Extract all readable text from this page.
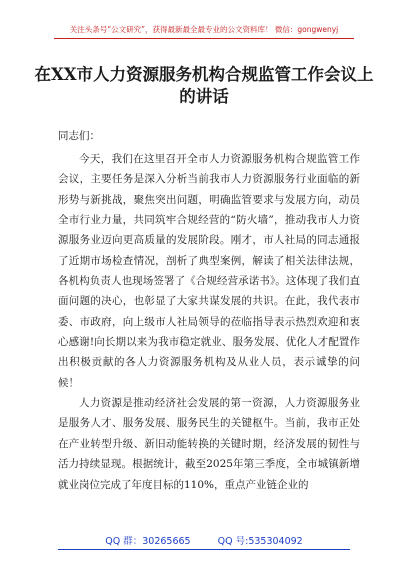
关注头条号“公文研究”，获得最新最全最专业的公文资料库！ 微信：gongwenyj
在XX市人力资源服务机构合规监管工作会议上的讲话
同志们：

今天，我们在这里召开全市人力资源服务机构合规监管工作会议，主要任务是深入分析当前我市人力资源服务行业面临的新形势与新挑战，聚焦突出问题，明确监管要求与发展方向，动员全市行业力量，共同筑牢合规经营的“防火墙”，推动我市人力资源服务业迈向更高质量的发展阶段。刚才，市人社局的同志通报了近期市场检查情况，剖析了典型案例，解读了相关法律法规，各机构负责人也现场签署了《合规经营承诺书》。这体现了我们直面问题的决心，也彰显了大家共谋发展的共识。在此，我代表市委、市政府，向上级市人社局领导的莅临指导表示热烈欢迎和衷心感谢!向长期以来为我市稳定就业、服务发展、优化人才配置作出积极贡献的各人力资源服务机构及从业人员，表示诚挚的问候！

人力资源是推动经济社会发展的第一资源，人力资源服务业是服务人才、服务发展、服务民生的关键枢牛。当前，我市正处在产业转型升级、新旧动能转换的关键时期，经济发展的韧性与活力持续显现。根据统计，截至2025年第三季度，全市城镇新增就业岗位完成了年度目标的110%，重点产业链企业的

QQ 群：30265665	QQ 号:535304092
